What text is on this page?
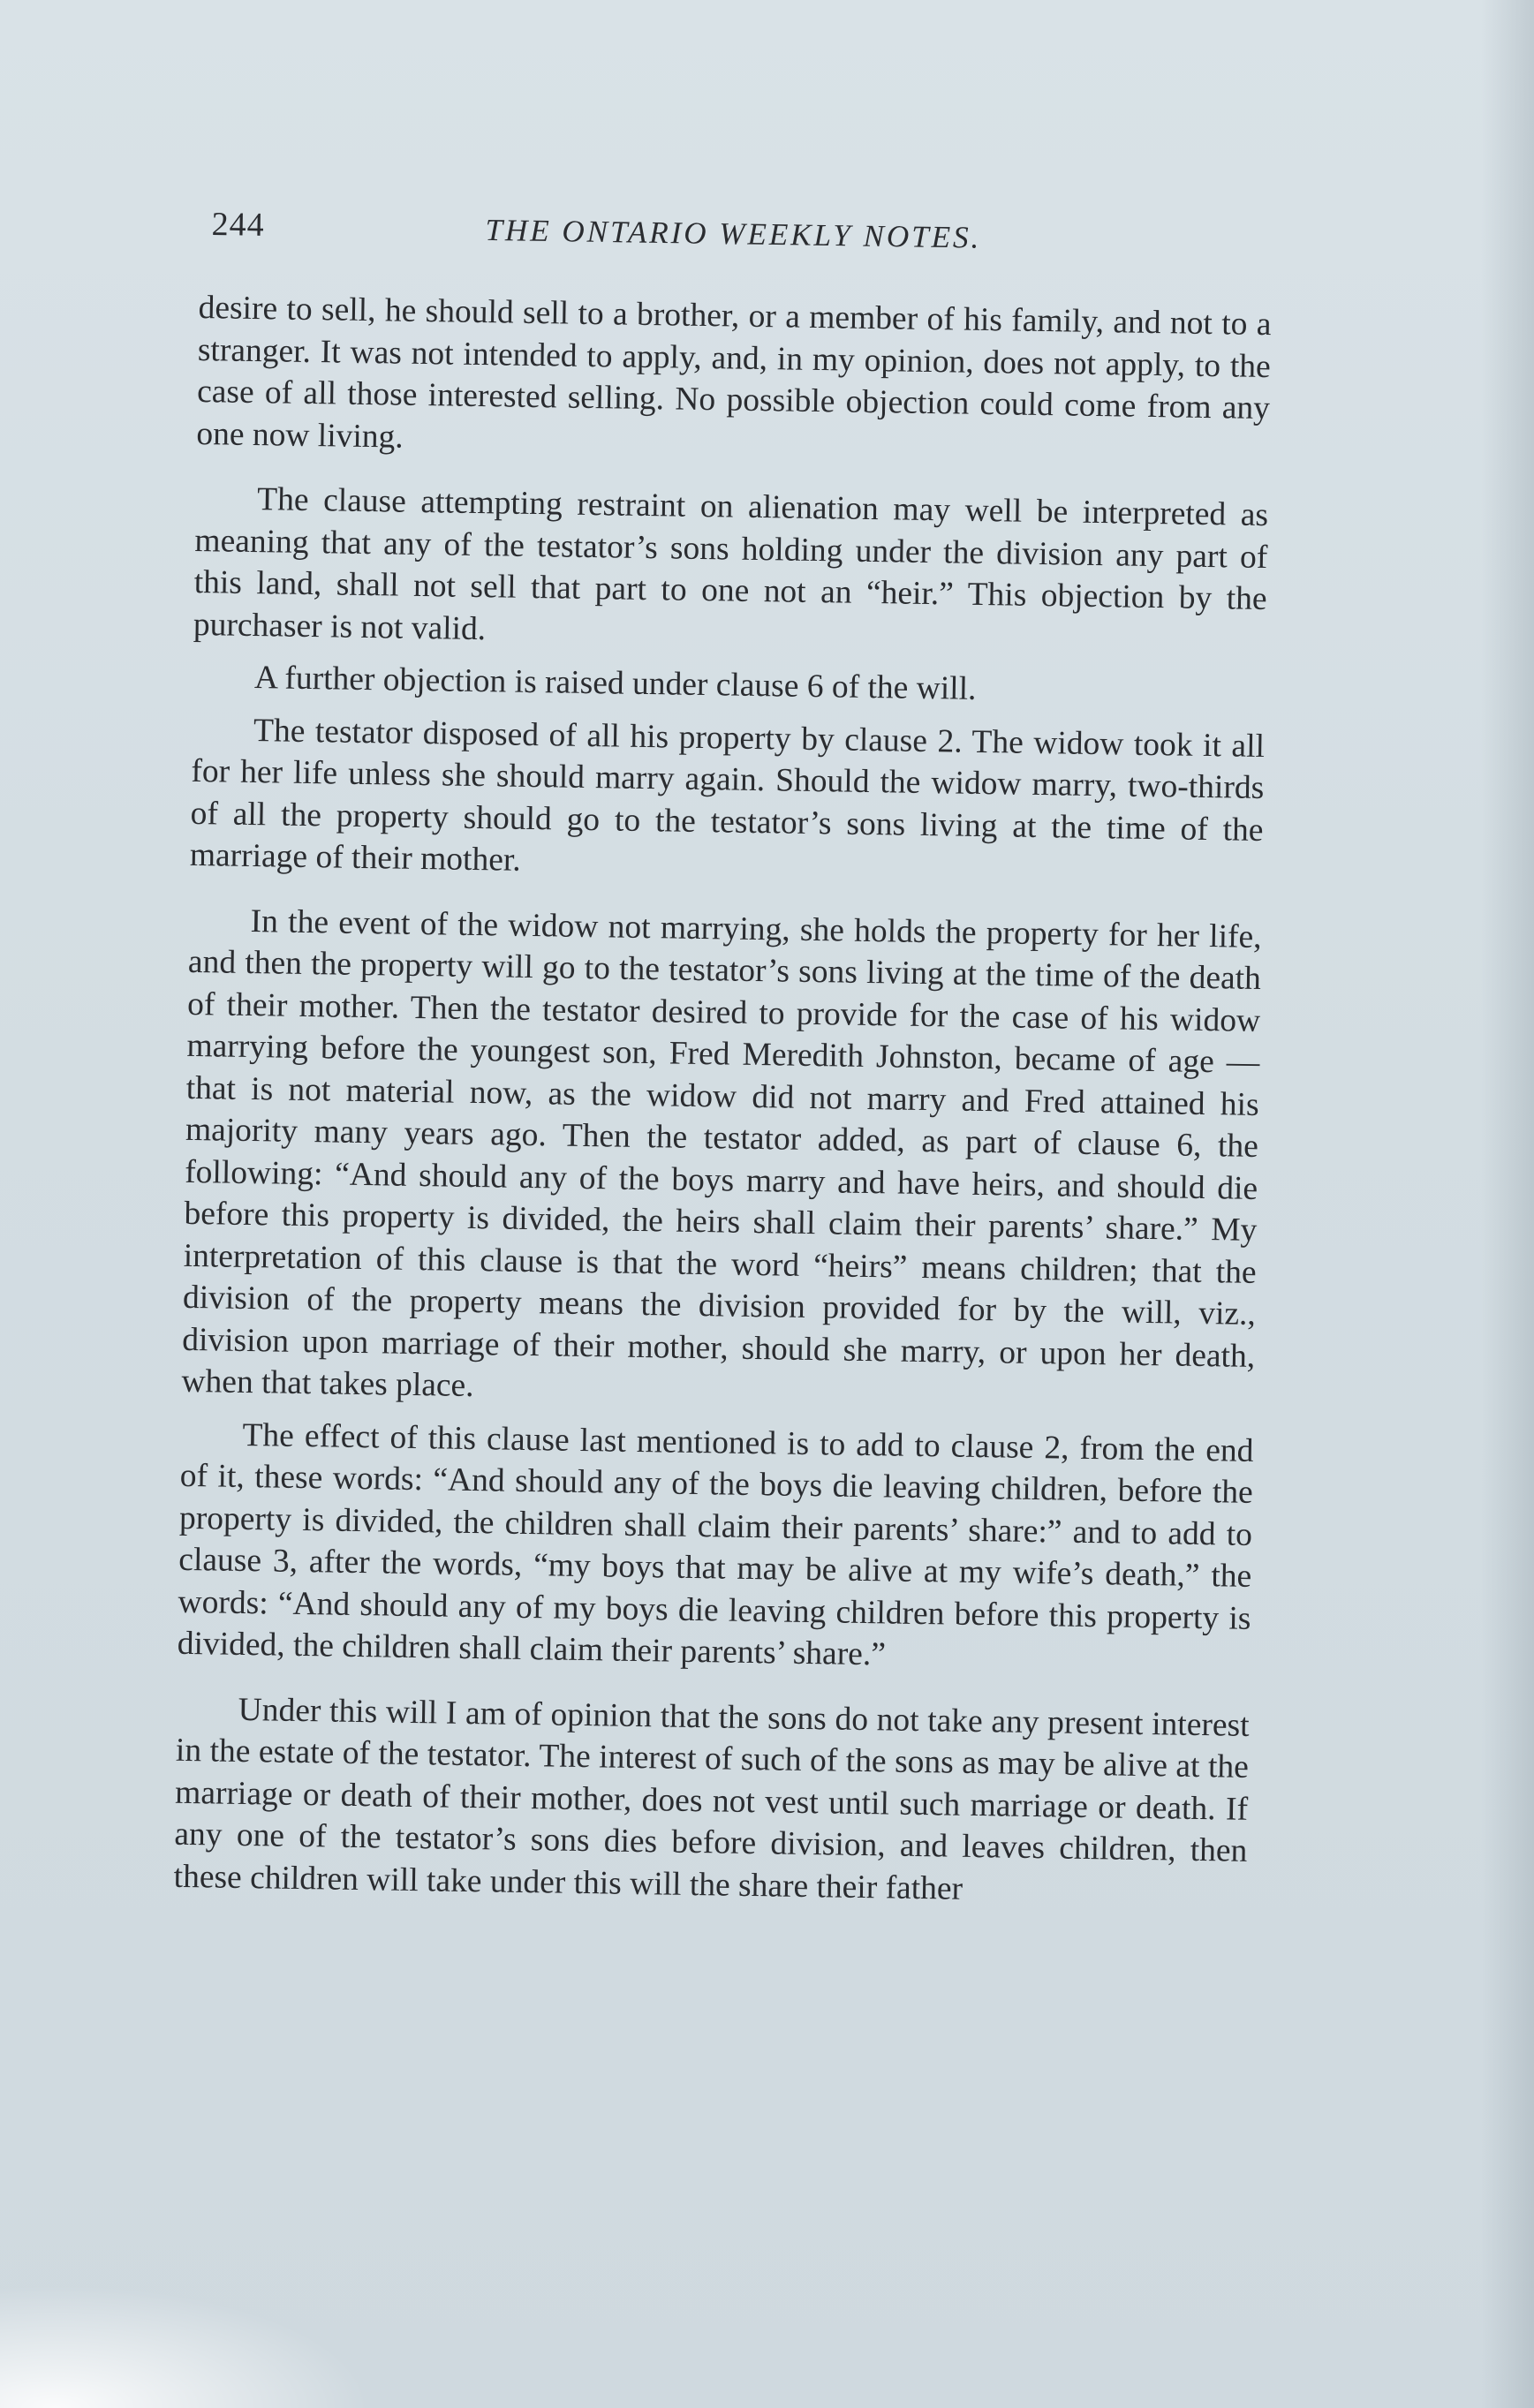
244	THE ONTARIO WEEKLY NOTES.

desire to sell, he should sell to a brother, or a member of his family, and not to a stranger. It was not intended to apply, and, in my opinion, does not apply, to the case of all those interested selling. No possible objection could come from any one now living.

The clause attempting restraint on alienation may well be interpreted as meaning that any of the testator’s sons holding under the division any part of this land, shall not sell that part to one not an “heir.” This objection by the purchaser is not valid.

A further objection is raised under clause 6 of the will.

The testator disposed of all his property by clause 2. The widow took it all for her life unless she should marry again. Should the widow marry, two-thirds of all the property should go to the testator’s sons living at the time of the marriage of their mother.

In the event of the widow not marrying, she holds the property for her life, and then the property will go to the testator’s sons living at the time of the death of their mother. Then the testator desired to provide for the case of his widow marrying before the youngest son, Fred Meredith Johnston, became of age —that is not material now, as the widow did not marry and Fred attained his majority many years ago. Then the testator added, as part of clause 6, the following: “And should any of the boys marry and have heirs, and should die before this property is divided, the heirs shall claim their parents’ share.” My interpretation of this clause is that the word “heirs” means children; that the division of the property means the division provided for by the will, viz., division upon marriage of their mother, should she marry, or upon her death, when that takes place.

The effect of this clause last mentioned is to add to clause 2, from the end of it, these words: “And should any of the boys die leaving children, before the property is divided, the children shall claim their parents’ share:” and to add to clause 3, after the words, “my boys that may be alive at my wife’s death,” the words: “And should any of my boys die leaving children before this property is divided, the children shall claim their parents’ share.”

Under this will I am of opinion that the sons do not take any present interest in the estate of the testator. The interest of such of the sons as may be alive at the marriage or death of their mother, does not vest until such marriage or death. If any one of the testator’s sons dies before division, and leaves children, then these children will take under this will the share their father
